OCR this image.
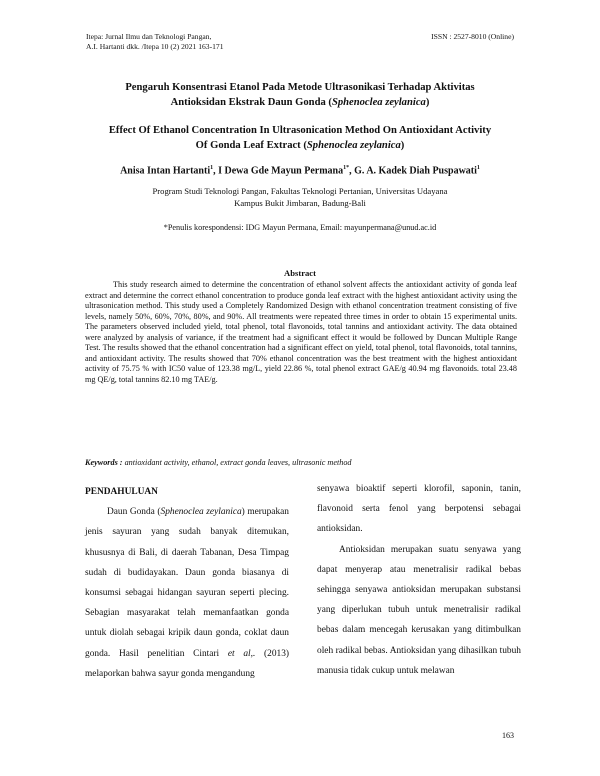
Itepa: Jurnal Ilmu dan Teknologi Pangan,
A.I. Hartanti dkk. /Itepa 10 (2) 2021 163-171
ISSN : 2527-8010 (Online)
Pengaruh Konsentrasi Etanol Pada Metode Ultrasonikasi Terhadap Aktivitas
Antioksidan Ekstrak Daun Gonda (Sphenoclea zeylanica)
Effect Of Ethanol Concentration In Ultrasonication Method On Antioxidant Activity
Of Gonda Leaf Extract (Sphenoclea zeylanica)
Anisa Intan Hartanti$^1$, I Dewa Gde Mayun Permana$^{1*}$, G. A. Kadek Diah Puspawati$^1$
Program Studi Teknologi Pangan, Fakultas Teknologi Pertanian, Universitas Udayana
Kampus Bukit Jimbaran, Badung-Bali
*Penulis korespondensi: IDG Mayun Permana, Email: mayunpermana@unud.ac.id
Abstract
This study research aimed to determine the concentration of ethanol solvent affects the antioxidant activity of gonda leaf extract and determine the correct ethanol concentration to produce gonda leaf extract with the highest antioxidant activity using the ultrasonication method. This study used a Completely Randomized Design with ethanol concentration treatment consisting of five levels, namely 50%, 60%, 70%, 80%, and 90%. All treatments were repeated three times in order to obtain 15 experimental units. The parameters observed included yield, total phenol, total flavonoids, total tannins and antioxidant activity. The data obtained were analyzed by analysis of variance, if the treatment had a significant effect it would be followed by Duncan Multiple Range Test. The results showed that the ethanol concentration had a significant effect on yield, total phenol, total flavonoids, total tannins, and antioxidant activity. The results showed that 70% ethanol concentration was the best treatment with the highest antioxidant activity of 75.75 % with IC50 value of 123.38 mg/L, yield 22.86 %, total phenol extract GAE/g 40.94 mg flavonoids. total 23.48 mg QE/g, total tannins 82.10 mg TAE/g.
Keywords : antioxidant activity, ethanol, extract gonda leaves, ultrasonic method
PENDAHULUAN

Daun Gonda (Sphenoclea zeylanica) merupakan jenis sayuran yang sudah banyak ditemukan, khususnya di Bali, di daerah Tabanan, Desa Timpag sudah di budidayakan. Daun gonda biasanya di konsumsi sebagai hidangan sayuran seperti plecing. Sebagian masyarakat telah memanfaatkan gonda untuk diolah sebagai kripik daun gonda, coklat daun gonda. Hasil penelitian Cintari et al,. (2013) melaporkan bahwa sayur gonda mengandung

senyawa bioaktif seperti klorofil, saponin, tanin, flavonoid serta fenol yang berpotensi sebagai antioksidan.

Antioksidan merupakan suatu senyawa yang dapat menyerap atau menetralisir radikal bebas sehingga senyawa antioksidan merupakan substansi yang diperlukan tubuh untuk menetralisir radikal bebas dalam mencegah kerusakan yang ditimbulkan oleh radikal bebas. Antioksidan yang dihasilkan tubuh manusia tidak cukup untuk melawan

163
